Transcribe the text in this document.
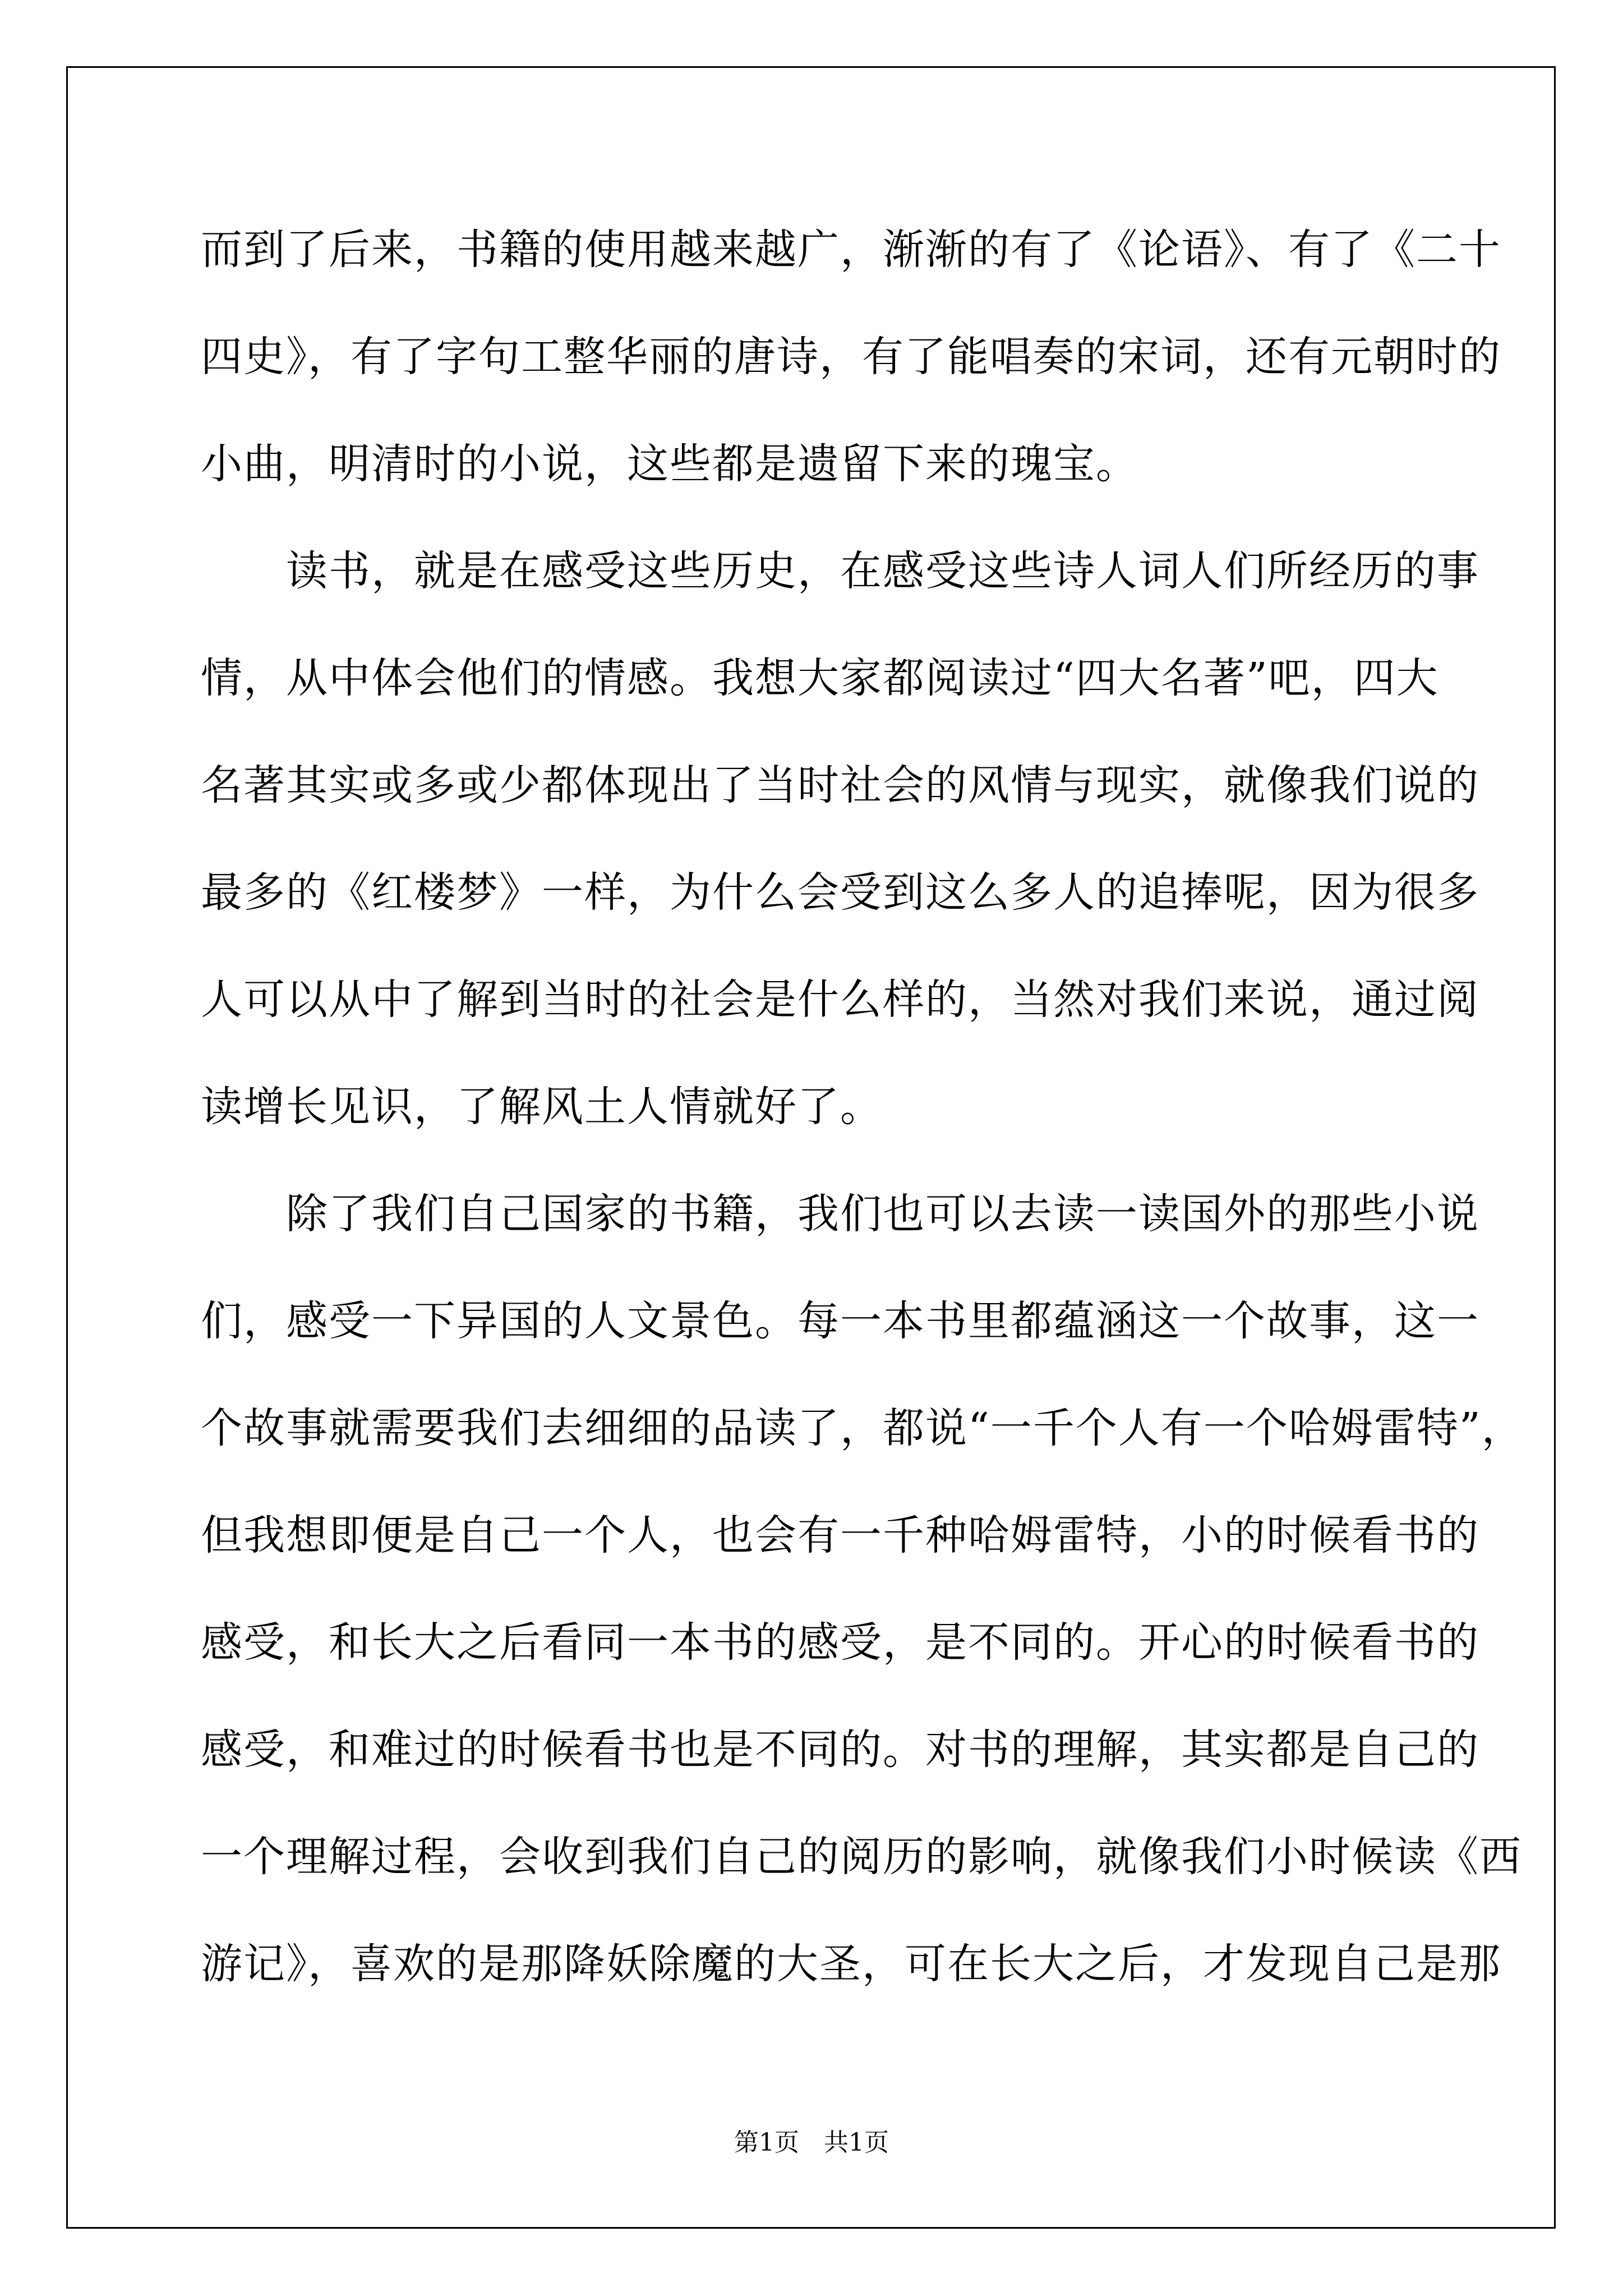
而到了后来，书籍的使用越来越广，渐渐的有了《论语》、有了《二十
四史》，有了字句工整华丽的唐诗，有了能唱奏的宋词，还有元朝时的
小曲，明清时的小说，这些都是遗留下来的瑰宝。
　　读书，就是在感受这些历史，在感受这些诗人词人们所经历的事
情，从中体会他们的情感。我想大家都阅读过“四大名著”吧，四大
名著其实或多或少都体现出了当时社会的风情与现实，就像我们说的
最多的《红楼梦》一样，为什么会受到这么多人的追捧呢，因为很多
人可以从中了解到当时的社会是什么样的，当然对我们来说，通过阅
读增长见识，了解风土人情就好了。
　　除了我们自己国家的书籍，我们也可以去读一读国外的那些小说
们，感受一下异国的人文景色。每一本书里都蕴涵这一个故事，这一
个故事就需要我们去细细的品读了，都说“一千个人有一个哈姆雷特”，
但我想即便是自己一个人，也会有一千种哈姆雷特，小的时候看书的
感受，和长大之后看同一本书的感受，是不同的。开心的时候看书的
感受，和难过的时候看书也是不同的。对书的理解，其实都是自己的
一个理解过程，会收到我们自己的阅历的影响，就像我们小时候读《西
游记》，喜欢的是那降妖除魔的大圣，可在长大之后，才发现自己是那
第1页　共1页
